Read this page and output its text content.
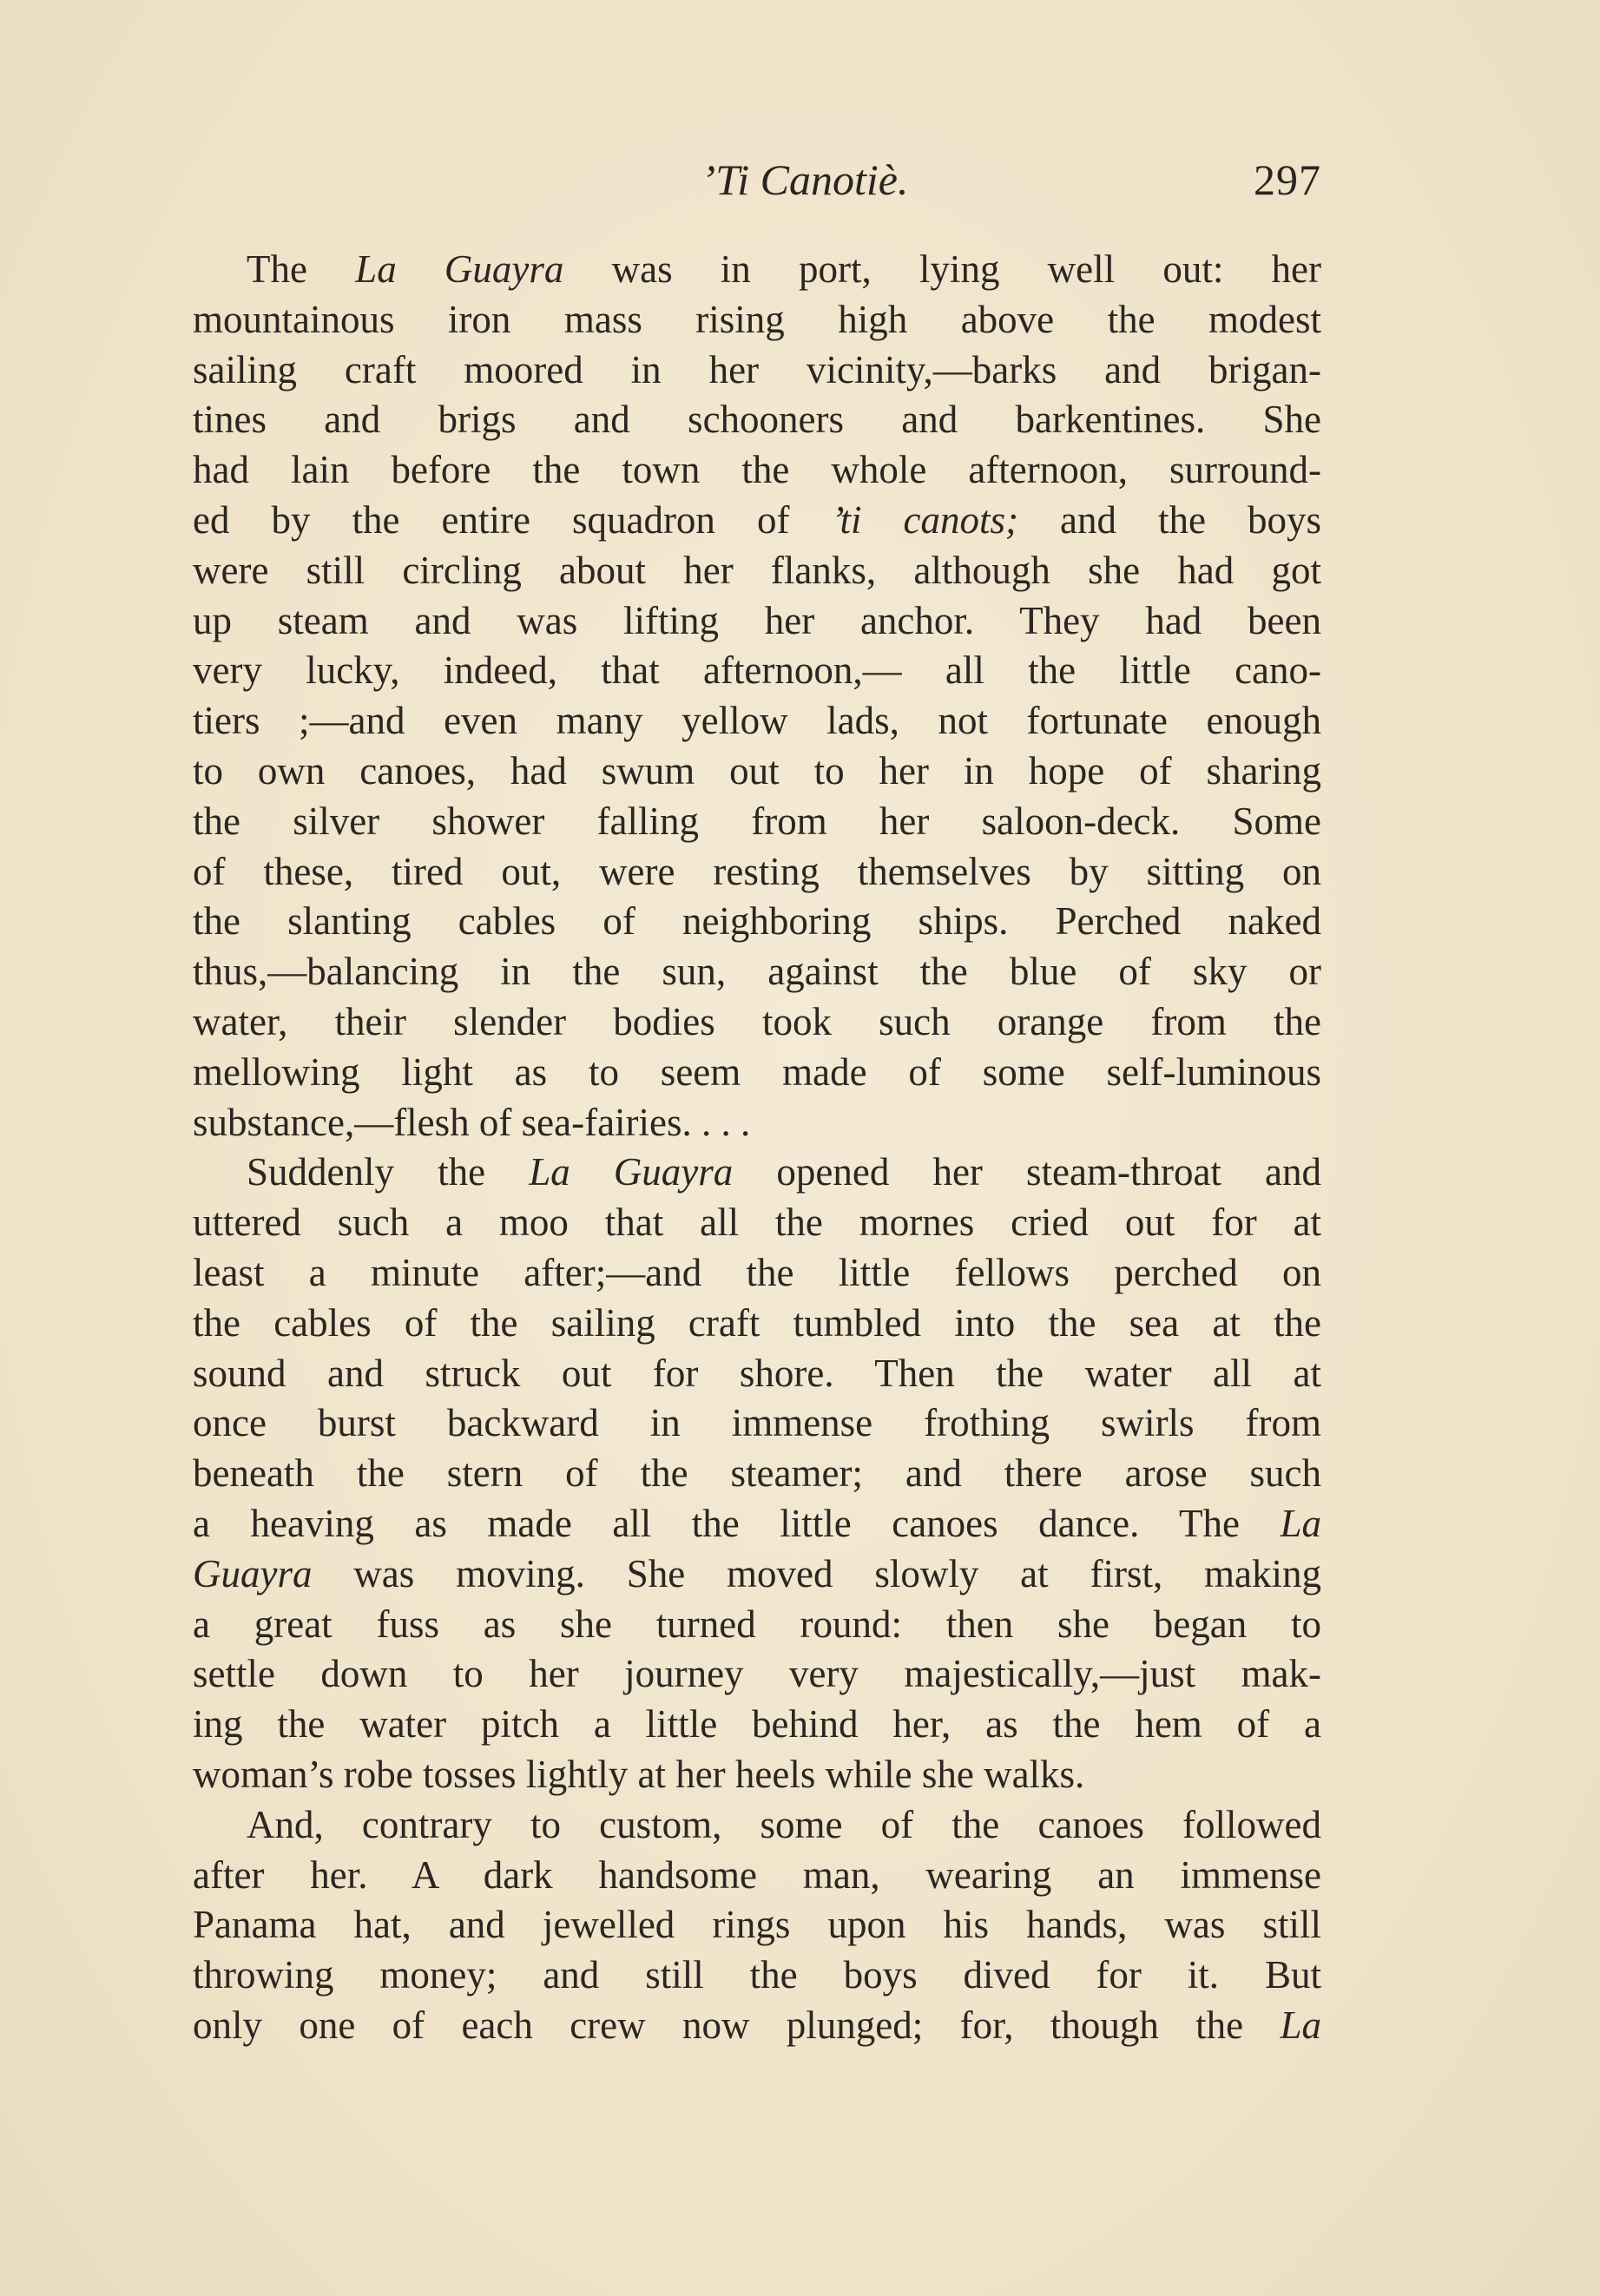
’Ti Canotiè.	297
The La Guayra was in port, lying well out: her
mountainous iron mass rising high above the modest
sailing craft moored in her vicinity,—barks and brigan-
tines and brigs and schooners and barkentines. She
had lain before the town the whole afternoon, surround-
ed by the entire squadron of ’ti canots; and the boys
were still circling about her flanks, although she had got
up steam and was lifting her anchor. They had been
very lucky, indeed, that afternoon,— all the little cano-
tiers ;—and even many yellow lads, not fortunate enough
to own canoes, had swum out to her in hope of sharing
the silver shower falling from her saloon-deck. Some
of these, tired out, were resting themselves by sitting on
the slanting cables of neighboring ships. Perched naked
thus,—balancing in the sun, against the blue of sky or
water, their slender bodies took such orange from the
mellowing light as to seem made of some self-luminous
substance,—flesh of sea-fairies. . . .
Suddenly the La Guayra opened her steam-throat and
uttered such a moo that all the mornes cried out for at
least a minute after;—and the little fellows perched on
the cables of the sailing craft tumbled into the sea at the
sound and struck out for shore. Then the water all at
once burst backward in immense frothing swirls from
beneath the stern of the steamer; and there arose such
a heaving as made all the little canoes dance. The La
Guayra was moving. She moved slowly at first, making
a great fuss as she turned round: then she began to
settle down to her journey very majestically,—just mak-
ing the water pitch a little behind her, as the hem of a
woman’s robe tosses lightly at her heels while she walks.
And, contrary to custom, some of the canoes followed
after her. A dark handsome man, wearing an immense
Panama hat, and jewelled rings upon his hands, was still
throwing money; and still the boys dived for it. But
only one of each crew now plunged; for, though the La
